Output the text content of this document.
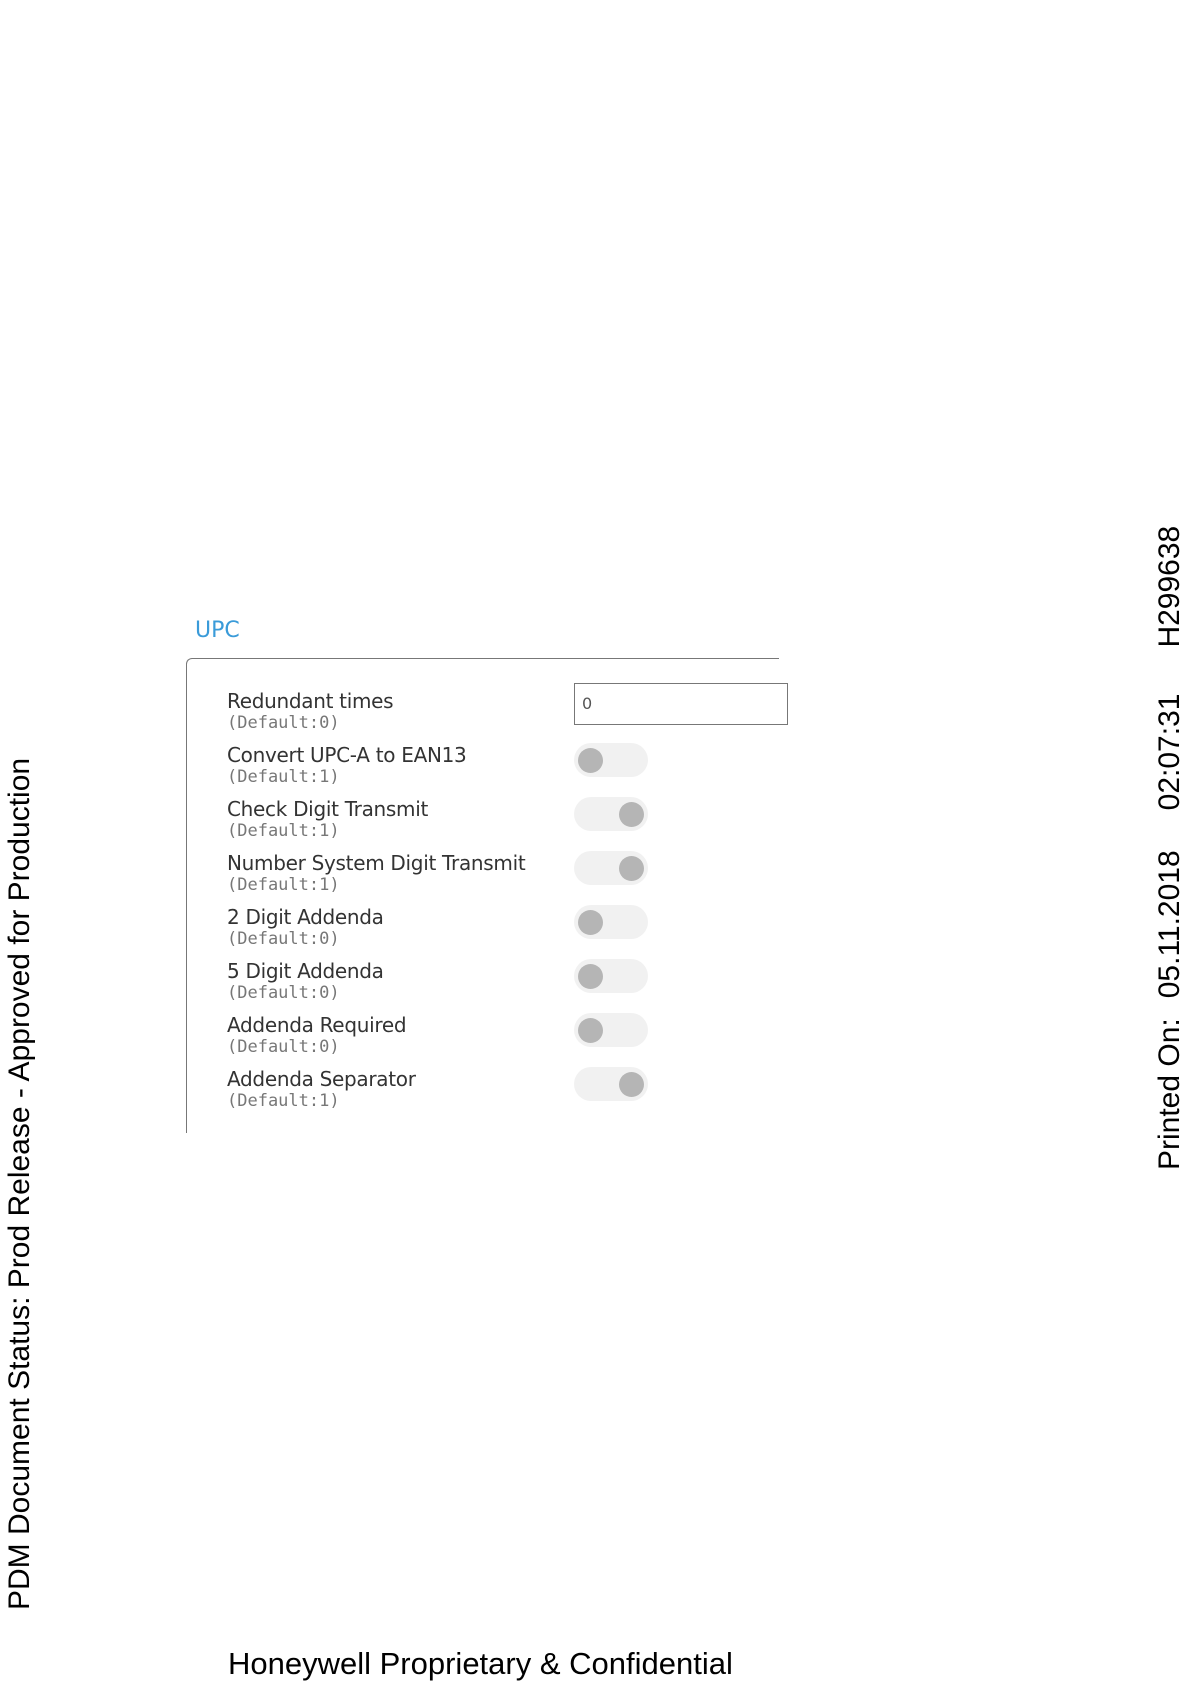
PDM Document Status: Prod Release - Approved for Production	Printed On:05.11.201802:07:31H299638
UPC
Redundant times
(Default:0)
0
Convert UPC-A to EAN13
(Default:1)
Check Digit Transmit
(Default:1)
Number System Digit Transmit
(Default:1)
2 Digit Addenda
(Default:0)
5 Digit Addenda
(Default:0)
Addenda Required
(Default:0)
Addenda Separator
(Default:1)
Honeywell Proprietary & Confidential
